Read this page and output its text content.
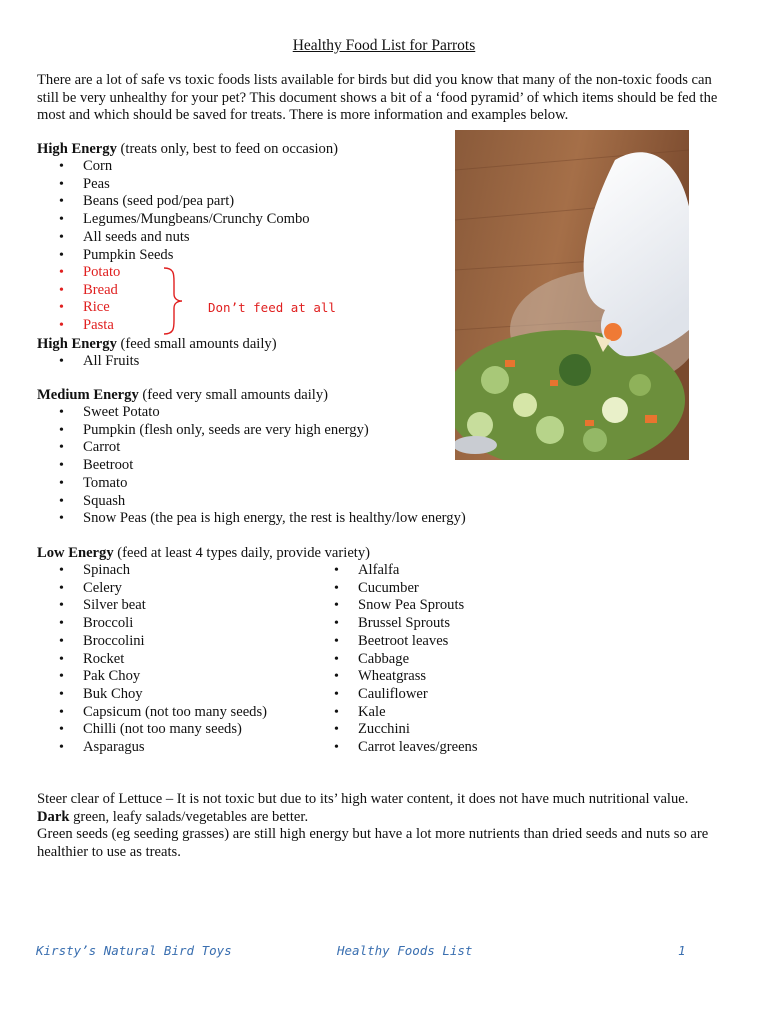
Healthy Food List for Parrots
There are a lot of safe vs toxic foods lists available for birds but did you know that many of the non-toxic foods can still be very unhealthy for your pet? This document shows a bit of a ‘food pyramid’ of which items should be fed the most and which should be saved for treats. There is more information and examples below.
High Energy (treats only, best to feed on occasion)
• Corn
• Peas
• Beans (seed pod/pea part)
• Legumes/Mungbeans/Crunchy Combo
• All seeds and nuts
• Pumpkin Seeds
• Potato
• Bread
• Rice
• Pasta
Don’t feed at all
High Energy (feed small amounts daily)
• All Fruits
Medium Energy (feed very small amounts daily)
• Sweet Potato
• Pumpkin (flesh only, seeds are very high energy)
• Carrot
• Beetroot
• Tomato
• Squash
• Snow Peas (the pea is high energy, the rest is healthy/low energy)
Low Energy (feed at least 4 types daily, provide variety)
• Spinach
• Celery
• Silver beat
• Broccoli
• Broccolini
• Rocket
• Pak Choy
• Buk Choy
• Capsicum (not too many seeds)
• Chilli (not too many seeds)
• Asparagus
• Alfalfa
• Cucumber
• Snow Pea Sprouts
• Brussel Sprouts
• Beetroot leaves
• Cabbage
• Wheatgrass
• Cauliflower
• Kale
• Zucchini
• Carrot leaves/greens
Steer clear of Lettuce – It is not toxic but due to its’ high water content, it does not have much nutritional value.
Dark green, leafy salads/vegetables are better.
Green seeds (eg seeding grasses) are still high energy but have a lot more nutrients than dried seeds and nuts so are healthier to use as treats.
Kirsty’s Natural Bird Toys	Healthy Foods List	1
